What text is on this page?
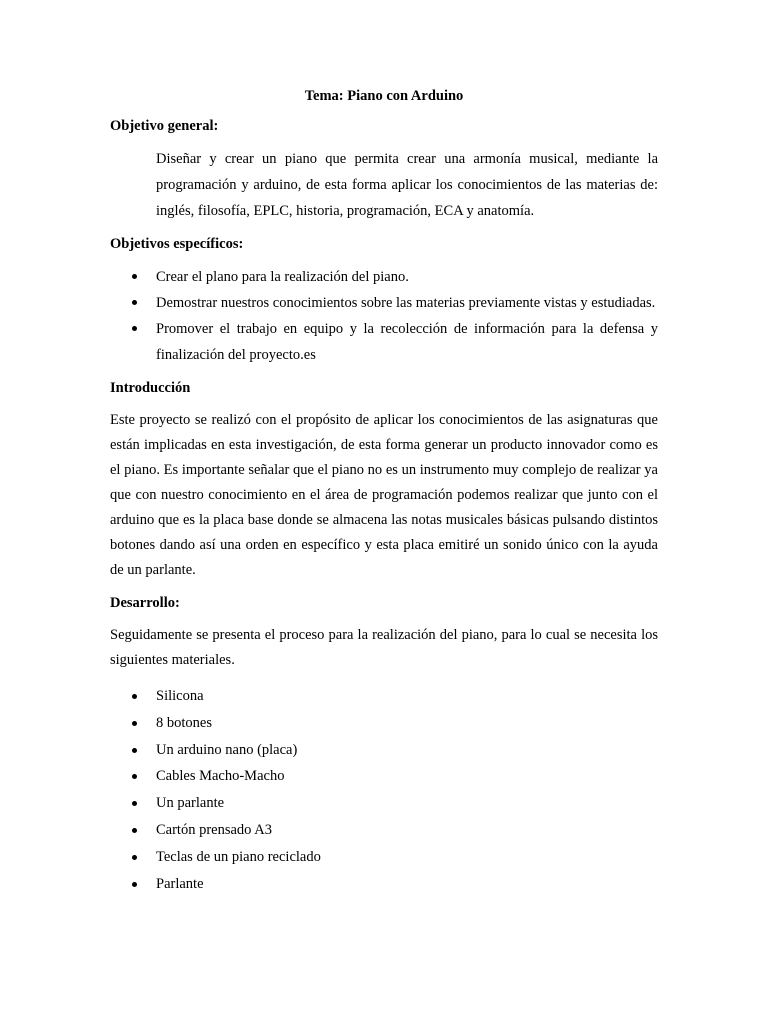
Tema: Piano con Arduino
Objetivo general:

Diseñar y crear un piano que permita crear una armonía musical, mediante la programación y arduino, de esta forma aplicar los conocimientos de las materias de: inglés, filosofía, EPLC, historia, programación, ECA y anatomía.

Objetivos específicos:
Crear el plano para la realización del piano.
Demostrar nuestros conocimientos sobre las materias previamente vistas y estudiadas.
Promover el trabajo en equipo y la recolección de información para la defensa y finalización del proyecto.es
Introducción

Este proyecto se realizó con el propósito de aplicar los conocimientos de las asignaturas que están implicadas en esta investigación, de esta forma generar un producto innovador como es el piano. Es importante señalar que el piano no es un instrumento muy complejo de realizar ya que con nuestro conocimiento en el área de programación podemos realizar que junto con el arduino que es la placa base donde se almacena las notas musicales básicas pulsando distintos botones dando así una orden en específico y esta placa emitiré un sonido único con la ayuda de un parlante.

Desarrollo:

Seguidamente se presenta el proceso para la realización del piano, para lo cual se necesita los siguientes materiales.

Silicona
8 botones
Un arduino nano (placa)
Cables Macho-Macho
Un parlante
Cartón prensado A3
Teclas de un piano reciclado
Parlante
